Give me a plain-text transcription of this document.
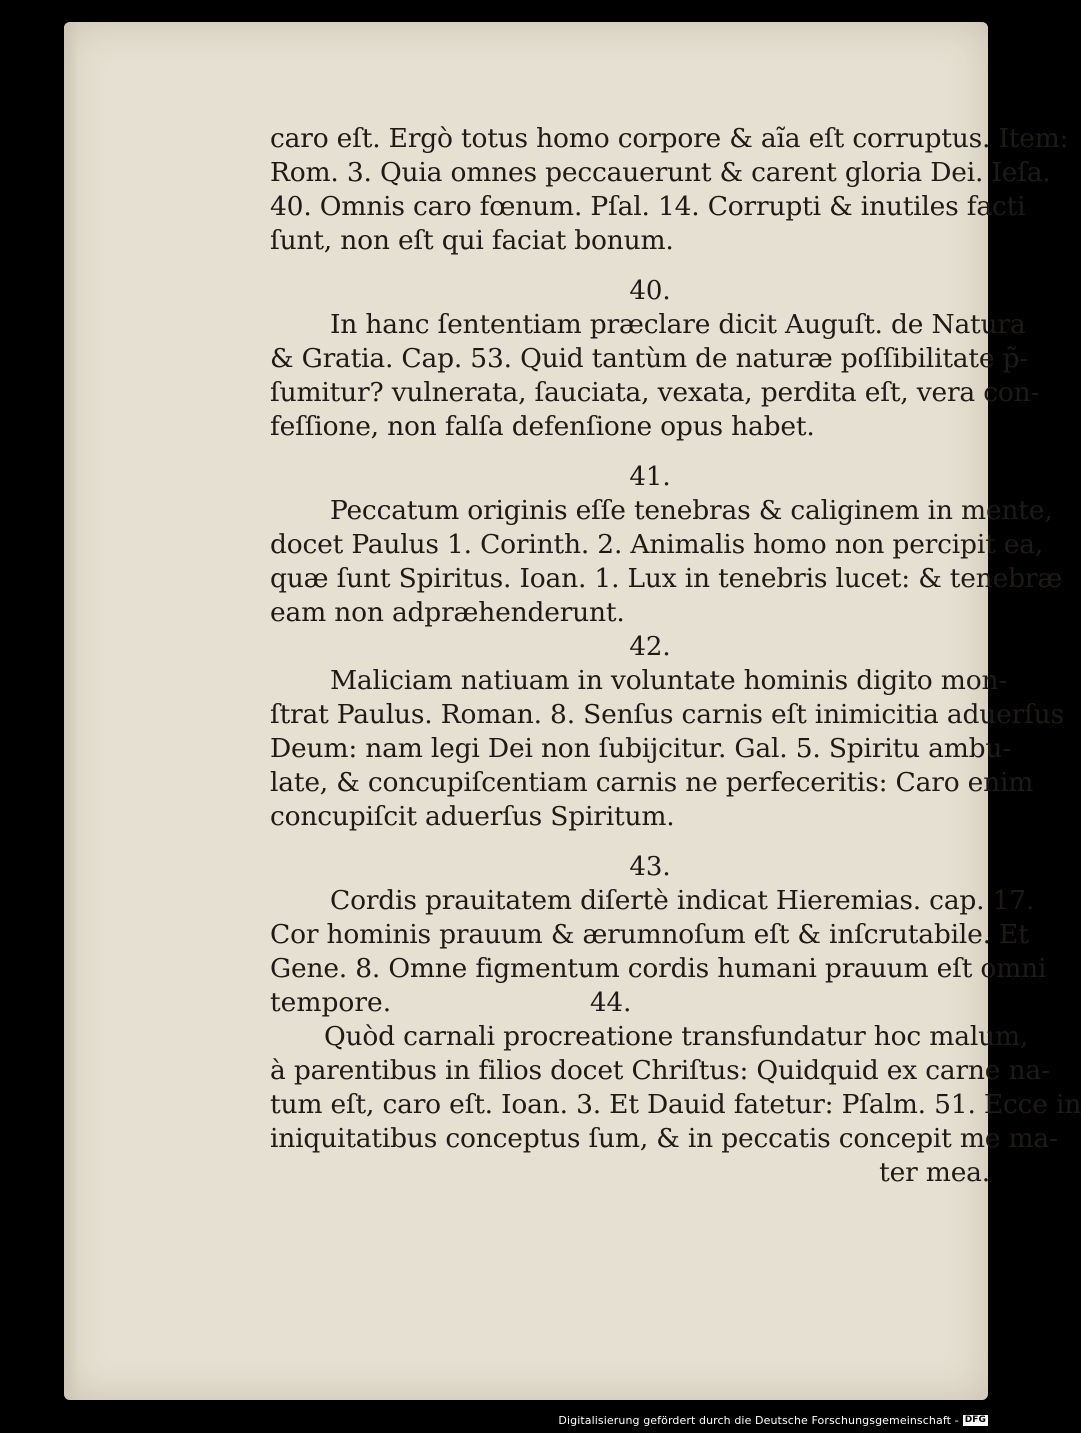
caro eſt. Ergò totus homo corpore & aĩa eſt corruptus. Item:
Rom. 3. Quia omnes peccauerunt & carent gloria Dei. Ieſa.
40. Omnis caro fœnum. Pſal. 14. Corrupti & inutiles facti
ſunt, non eſt qui faciat bonum.
40.
In hanc ſententiam præclare dicit Auguſt. de Natura
& Gratia. Cap. 53. Quid tantùm de naturæ poſſibilitate p̃-
ſumitur? vulnerata, ſauciata, vexata, perdita eſt, vera con-
feſſione, non falſa defenſione opus habet.
41.
Peccatum originis eſſe tenebras & caliginem in mente,
docet Paulus 1. Corinth. 2. Animalis homo non percipit ea,
quæ ſunt Spiritus. Ioan. 1. Lux in tenebris lucet: & tenebræ
eam non adpræhenderunt.
42.
Maliciam natiuam in voluntate hominis digito mon-
ſtrat Paulus. Roman. 8. Senſus carnis eſt inimicitia aduerſus
Deum: nam legi Dei non ſubijcitur. Gal. 5. Spiritu ambu-
late, & concupiſcentiam carnis ne perfeceritis: Caro enim
concupiſcit aduerſus Spiritum.
43.
Cordis prauitatem diſertè indicat Hieremias. cap. 17.
Cor hominis prauum & ærumnoſum eſt & inſcrutabile. Et
Gene. 8. Omne figmentum cordis humani prauum eſt omni
tempore.	44.
Quòd carnali procreatione transfundatur hoc malum,
à parentibus in filios docet Chriſtus: Quidquid ex carne na-
tum eſt, caro eſt. Ioan. 3. Et Dauid fatetur: Pſalm. 51. Ecce in
iniquitatibus conceptus ſum, & in peccatis concepit me ma-
ter mea.
Digitalisierung gefördert durch die Deutsche Forschungsgemeinschaft - DFG
